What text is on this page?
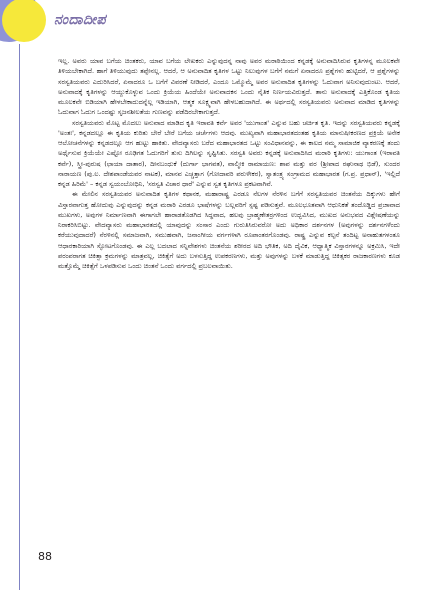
ನಂದಾದೀಪ

ಇಲ್ಲ. ಅವರು ಯಾವ ಬಗೆಯ ಚಿಂತಕರು, ಯಾವ ಬಗೆಯ ಲೇಖಕರು ಎನ್ನುವುದನ್ನ ನಾವು ಅವರ ಮರಾಠಿಯಿಂದ ಕನ್ನಡಕ್ಕೆ ಅನುವಾದಿಸಿರುವ ಕೃತಿಗಳನ್ನ ಮೂಲಕವೇ ತಿಳಿಯಬೇಕಾಗಿದೆ. ಹಾಗೆ ತಿಳಿಯುವುದು ತಪ್ಪೇನಲ್ಲ. ಆದರೆ, ಆ ಅನುವಾದಿತ ಕೃತಿಗಳ ಒಟ್ಟು ನಿಲುವುಗಳ ಬಗೆಗೆ ನಮಗೆ ಏನಾದರೂ ಪ್ರಶ್ನೆಗಳು ಹುಟ್ಟಿದರೆ, ಆ ಪ್ರಶ್ನೆಗಳನ್ನು ಸರಸ್ವತಿಯವರು ಎದುರಿಸಿದರೆ, ಏನಾದರೂ ಒ ಬಗೆಗೆ ವಿವರಣೆ ನೀಡಿದರೆ, ಎಂದೂ ಒಮ್ಮೊಮ್ಮೆ ಅವರ ಅನುವಾದಿತ ಕೃತಿಗಳನ್ನು ಓದುವಾಗ ಅನಿಸುವುದುಂಟು. ಆದರೆ, ಅನುವಾದಕ್ಕೆ ಕೃತಿಗಳನ್ನು ಆಯ್ದುಕೊಳ್ಳುವ ಒಂದು ಕ್ರಿಯೆಯ ಹಿಂದೆಯೇ ಅನುವಾದಕನ ಒಂದು ನೈತಿಕ ನಿರ್ಣಯವಿರುತ್ತದೆ. ತಾನು ಅನುವಾದಕ್ಕೆ ಎತ್ತಿಕೊಂಡ ಕೃತಿಯ ಮೂಲಕವೇ ಬಿಡಿಯಾಗಿ ಹೇಳಬೇಕಾದುದನ್ನೆಲ್ಲ ಇಡಿಯಾಗಿ, ಆತ್ಮಕ ಸೂಕ್ಷ್ಮವಾಗಿ ಹೇಳಬಹುದಾಗಿದೆ. ಈ ಅರ್ಥದಲ್ಲಿ ಸರಸ್ವತಿಯವರು ಅನುವಾದ ಮಾಡಿದ ಕೃತಿಗಳನ್ನು ಓದುವಾಗ ಓದುಗ ಒಂದಷ್ಟು ಸೃಜನಶೀಲತೆಯ ಗುಣವನ್ನು ಪಡೆದಿರಬೇಕಾಗುತ್ತದೆ.

ಸರಸ್ವತಿಯವರು ಮೊಟ್ಟ ಮೊದಲು ಅನುವಾದ ಮಾಡಿದ ಕೃತಿ ಇರಾವತಿ ಕರ್ವೆ ಅವರ 'ಯುಗಾಂತ' ಎನ್ನುವ ಬಹು ಚರ್ಚಿತ ಕೃತಿ. ಇದನ್ನು ಸರಸ್ವತಿಯವರು ಕನ್ನಡಕ್ಕೆ 'ಅಂತಃ', ಕನ್ನಡದಲ್ಲೂ ಈ ಕೃತಿಯ ಕುರಿತು ಬೇರೆ ಬೇರೆ ಬಗೆಯ ಚರ್ಚೆಗಳು ಆದವು. ಮುಖ್ಯವಾಗಿ ಮಹಾಭಾರತದಂತಹ ಕೃತಿಯ ಮಾನುಷೀಕರಣದ ಪ್ರಕ್ರಿಯೆ ಅನೇಕ ಆಲೋಚನೆಗಳನ್ನು ಕನ್ನಡದಲ್ಲೂ ಆಗ ಹುಟ್ಟು ಹಾಕಿತು. ವೇದವ್ಯಾಸರು ಬರೆದ ಮಹಾಭಾರತದ ಒಟ್ಟು ಸಂವಿಧಾನವನ್ನು, ಈ ಕಾಲದ ನಮ್ಮ ಸಾಮಾಜಿಕ ವ್ಯಾಕರಣಕ್ಕೆ ತಂದು ಅರ್ಥೈಸುವ ಕ್ರಿಯೆಯೇ ಎಷ್ಟೋ ರೂಢಿಗತ ಓದುಗರಿಗೆ ತುಸು ದಿಗಿಲನ್ನು ಸೃಷ್ಟಿಸಿತು. ಸರಸ್ವತಿ ಅವರು ಕನ್ನಡಕ್ಕೆ ಅನುವಾದಿಸಿದ ಮರಾಠಿ ಕೃತಿಗಳು: ಯುಗಾಂತ (ಇರಾವತಿ ಕರ್ವೆ), ಸ್ತ್ರೀ-ಪುರುಷ (ಛಾಯಾ ದಾತಾರ), ದೀನಬಂಧುಕೆ (ದುರ್ಗಾ ಭಾಗವತ), ವಾಲ್ಮೀಕಿ ರಾಮಾಯಣ: ಶಾಪ ಮತ್ತು ವರ (ಶ್ರೀಪಾದ ರಘುನಾಥ ಭಿಡೆ), ಸುಂದರ ನಾರಾಯಣ (ಪು.ಲ. ದೇಶಪಾಂಡೆಯವರ ನಾಟಕ), ಮಾನವ ಎಚ್ಚತ್ತಾಗ (ಗೋದಾವರಿ ಪರುಳೇಕರ), ಸ್ವಾತಂತ್ರ್ಯ ಸಂಗ್ರಾಮದ ಮಹಾಭಾರತ (ಗ.ಪ್ರ. ಪ್ರಧಾನ್), 'ಇಲ್ಲಿದೆ ಕನ್ನಡ ಹಿರಿಮೆ' – ಕನ್ನಡ ಸ್ವಯಂಬೋಧಿನಿ, 'ಸರಸ್ವತಿ ವಿಚಾರ ಧಾರೆ' ಎನ್ನುವ ಸ್ವತ ಕೃತಿಗಳೂ ಪ್ರಕಟವಾಗಿವೆ.

ಈ ಮೇಲಿನ ಸರಸ್ವತಿಯವರ ಅನುವಾದಿತ ಕೃತಿಗಳ ಕಥಾನಕ, ಮಹಾರಾಷ್ಟ್ರ ಎರಡೂ ನೆಲಗಳ ನೆರಳಿನ ಬಗೆಗೆ ಸರಸ್ವತಿಯವರ ಚಿಂತನೆಯ ದಿಕ್ಕುಗಳು ಹೇಗೆ ವಿಸ್ತಾರವಾಗುತ್ತ ಹೋದುವು ಎನ್ನುವುದನ್ನು ಕನ್ನಡ ಮರಾಠಿ ಎರಡೂ ಭಾಷೆಗಳನ್ನು ಬಲ್ಲವರಿಗೆ ಸ್ಪಷ್ಟ ಪಡಿಸುತ್ತವೆ. ಮೂಲಭೂತವಾಗಿ ಆಧುನಿಕತೆ ತಂದೊಡ್ಡಿದ ಪ್ರಜಾವಾದ ಮುಖಗಳು, ಅವುಗಳ ನಿರ್ಮಾಣವಾಗಿ ಈಗಾಗಲೇ ಹಾರಾಡತೊಡಗಿದ ಸಿದ್ಧವಾದ, ಹಲವು ಬ್ರಾಹ್ಮಣೇತರ್ರಗಳಿಂದ ಉದ್ಭವಿಸಿದ, ಮುಖದ ಅನುಭವದ ವಿಶ್ಲೇಷಣೆಯನ್ನು ನಿರಾಕರಿಸಿಬಿಟ್ಟು. ವೇದವ್ಯಾಸರು ಮಹಾಭಾರತದಲ್ಲಿ ಯಾವುದನ್ನು ಸಂಸಾರ ಎಂದು ಗುರುತಿಸಿರುವರೋ ಅದು ಅಧಿಕಾರ ದರ್ಶನಗಳ (ಅವುಗಳನ್ನು ದರ್ಶನಗಳೆಂದು ಕರೆಯುವುದಾದರೆ) ನೆರಳಿನಲ್ಲಿ ಸಮಾಜವಾಗಿ, ಸಮುಹವಾಗಿ, ಜನಾಂಗೀಯ ವರ್ಗಗಳಾಗಿ ರೂಪಾಂತರಗೊಂಡವು. ರಾಷ್ಟ್ರ ಎನ್ನುವ ಕಲ್ಪನೆ ತಂದಿಟ್ಟ ಅನಾಹುತಗಳಂತೂ ಆಧಾರಕಾರಿಯಾಗಿ ಸ್ಫೋಟಗೊಂಡವು. ಈ ಎಲ್ಲ ಬದಲಾದ ಸನ್ನಿವೇಶಗಳು ಚಿಂತನೆಯ ಶರೀರದ ಅದಿ ಭೌತಿಕ, ಅದಿ ದೈವಿಕ, ಆಧ್ಯಾತ್ಮಿಕ ವಿಸ್ತಾರಗಳನ್ನೂ ಅಕ್ರಮಿಸಿ, ಇದೇ ಪರಂಪರಾಗತ ಚಿಕಿತ್ಸಾ ಕ್ರಮಗಳನ್ನು ಮಾತ್ರವಲ್ಲ, ಚಿಕಿತ್ಸೆಗೆ ಅದು ಬಳಸುತ್ತಿದ್ದ ಉಪಕರಣಗಳು, ಮತ್ತು ಅವುಗಳನ್ನು ಬಳಕೆ ಮಾಡುತ್ತಿದ್ದ ಚಿಕಿತ್ಸಕರ ರಾಜಕಾರಣಗಳು ಕೂಡ ಮತ್ತೊಮ್ಮೆ ಚಿಕಿತ್ಸೆಗೆ ಒಳಪಡಿಸುವ ಒಂದು ಚಿಂತನೆ ಒಂದು ವರ್ಗದಲ್ಲಿ ಪ್ರಬಲವಾಯಿತು.

88
